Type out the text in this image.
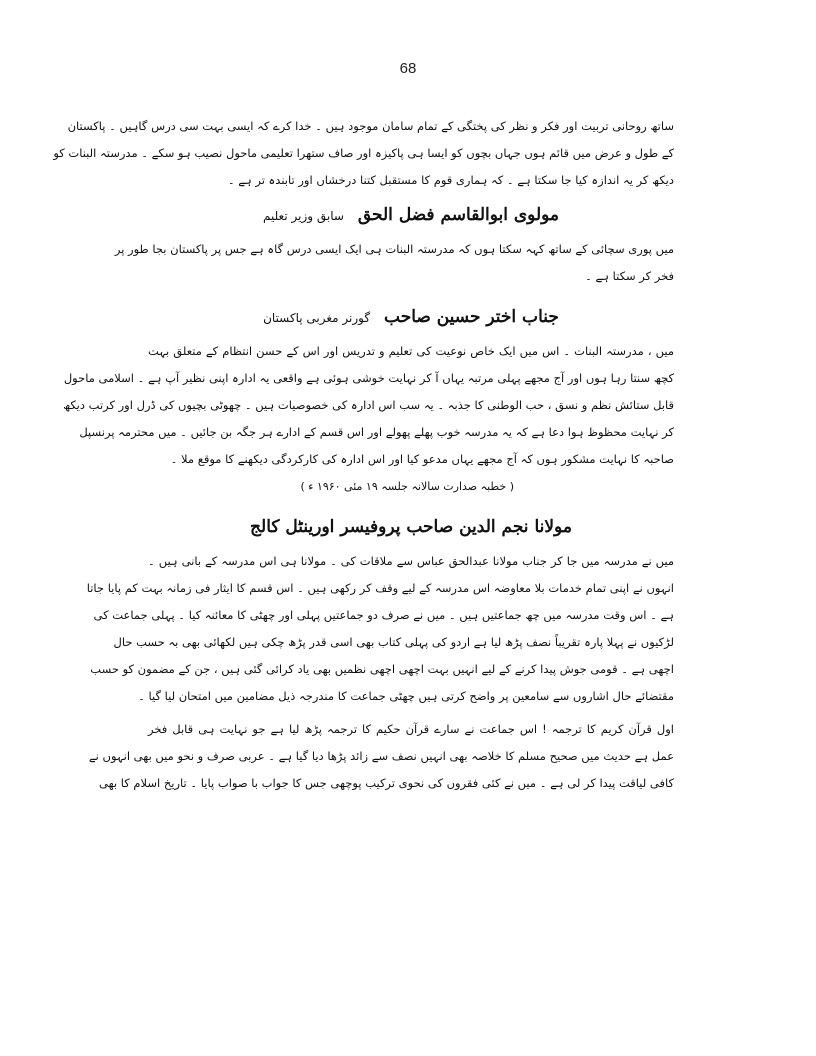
68
ساتھ روحانی تربیت اور فکر و نظر کی پختگی کے تمام سامان موجود ہیں ۔ خدا کرے کہ ایسی بہت سی درس گاہیں ۔ پاکستان
کے طول و عرض میں قائم ہوں جہاں بچوں کو ایسا ہی پاکیزہ اور صاف ستھرا تعلیمی ماحول نصیب ہو سکے ۔ مدرستہ البنات کو
دیکھ کر یہ اندازہ کیا جا سکتا ہے ۔ کہ ہماری قوم کا مستقبل کتنا درخشاں اور تابندہ تر ہے ۔
مولوی ابوالقاسم فضل الحق سابق وزیر تعلیم
میں پوری سچائی کے ساتھ کہہ سکتا ہوں کہ مدرستہ البنات ہی ایک ایسی درس گاہ ہے جس پر پاکستان بجا طور پر
فخر کر سکتا ہے ۔
جناب اختر حسین صاحب گورنر مغربی پاکستان
میں ، مدرستہ البنات ۔ اس میں ایک خاص نوعیت کی تعلیم و تدریس اور اس کے حسن انتظام کے متعلق بہت
کچھ سنتا رہا ہوں اور آج مجھے پہلی مرتبہ یہاں آ کر نہایت خوشی ہوئی ہے واقعی یہ ادارہ اپنی نظیر آپ ہے ۔ اسلامی ماحول
قابل ستائش نظم و نسق ، حب الوطنی کا جذبہ ۔ یہ سب اس ادارہ کی خصوصیات ہیں ۔ چھوٹی بچیوں کی ڈرل اور کرتب دیکھ
کر نہایت محظوظ ہوا دعا ہے کہ یہ مدرسہ خوب پھلے پھولے اور اس قسم کے ادارے ہر جگہ بن جائیں ۔ میں محترمہ پرنسپل
صاحبہ کا نہایت مشکور ہوں کہ آج مجھے یہاں مدعو کیا اور اس ادارہ کی کارکردگی دیکھنے کا موقع ملا ۔
( خطبہ صدارت سالانہ جلسہ ۱۹ مئی ۱۹۶۰ ء )
مولانا نجم الدین صاحب پروفیسر اورینٹل کالج
میں نے مدرسہ میں جا کر جناب مولانا عبدالحق عباس سے ملاقات کی ۔ مولانا ہی اس مدرسہ کے بانی ہیں ۔
انہوں نے اپنی تمام خدمات بلا معاوضہ اس مدرسہ کے لیے وقف کر رکھی ہیں ۔ اس قسم کا ایثار فی زمانہ بہت کم پایا جاتا
ہے ۔ اس وقت مدرسہ میں چھ جماعتیں ہیں ۔ میں نے صرف دو جماعتیں پہلی اور چھٹی کا معائنہ کیا ۔ پہلی جماعت کی
لڑکیوں نے پہلا پارہ تقریباً نصف پڑھ لیا ہے اردو کی پہلی کتاب بھی اسی قدر پڑھ چکی ہیں لکھائی بھی بہ حسب حال
اچھی ہے ۔ قومی جوش پیدا کرنے کے لیے انہیں بہت اچھی اچھی نظمیں بھی یاد کرائی گئی ہیں ، جن کے مضمون کو حسب
مقتضائے حال اشاروں سے سامعین پر واضح کرتی ہیں چھٹی جماعت کا مندرجہ ذیل مضامین میں امتحان لیا گیا ۔
اول قرآن کریم کا ترجمہ ! اس جماعت نے سارے قرآن حکیم کا ترجمہ پڑھ لیا ہے جو نہایت ہی قابل فخر
عمل ہے حدیث میں صحیح مسلم کا خلاصہ بھی انہیں نصف سے زائد پڑھا دیا گیا ہے ۔ عربی صرف و نحو میں بھی انہوں نے
کافی لیاقت پیدا کر لی ہے ۔ میں نے کئی فقروں کی نحوی ترکیب پوچھی جس کا جواب با صواب پایا ۔ تاریخ اسلام کا بھی
